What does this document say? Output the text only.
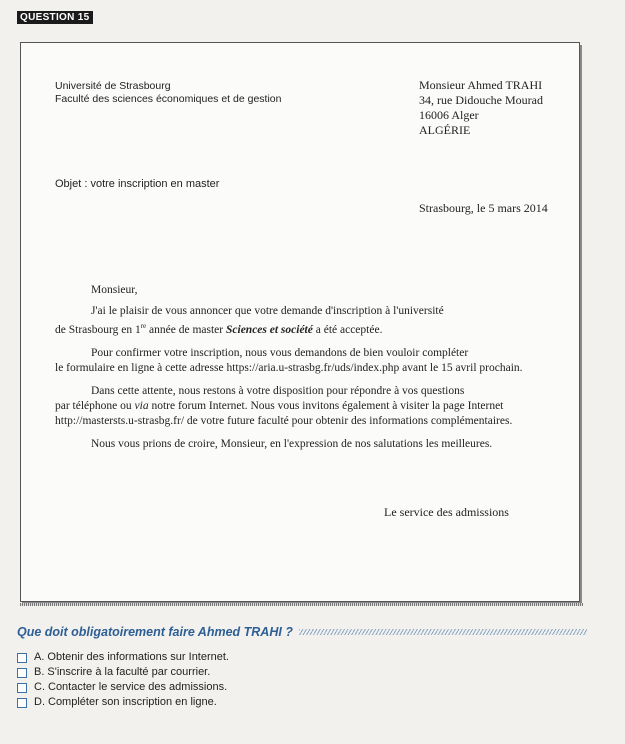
QUESTION 15
Université de Strasbourg
Faculté des sciences économiques et de gestion
Monsieur Ahmed TRAHI
34, rue Didouche Mourad
16006 Alger
ALGÉRIE
Objet : votre inscription en master
Strasbourg, le 5 mars 2014

Monsieur,

J'ai le plaisir de vous annoncer que votre demande d'inscription à l'université
de Strasbourg en 1re année de master Sciences et société a été acceptée.

Pour confirmer votre inscription, nous vous demandons de bien vouloir compléter
le formulaire en ligne à cette adresse https://aria.u-strasbg.fr/uds/index.php avant le 15 avril prochain.

Dans cette attente, nous restons à votre disposition pour répondre à vos questions
par téléphone ou via notre forum Internet. Nous vous invitons également à visiter la page Internet
http://mastersts.u-strasbg.fr/ de votre future faculté pour obtenir des informations complémentaires.

Nous vous prions de croire, Monsieur, en l'expression de nos salutations les meilleures.

Le service des admissions
Que doit obligatoirement faire Ahmed TRAHI ?
A. Obtenir des informations sur Internet.
B. S'inscrire à la faculté par courrier.
C. Contacter le service des admissions.
D. Compléter son inscription en ligne.
